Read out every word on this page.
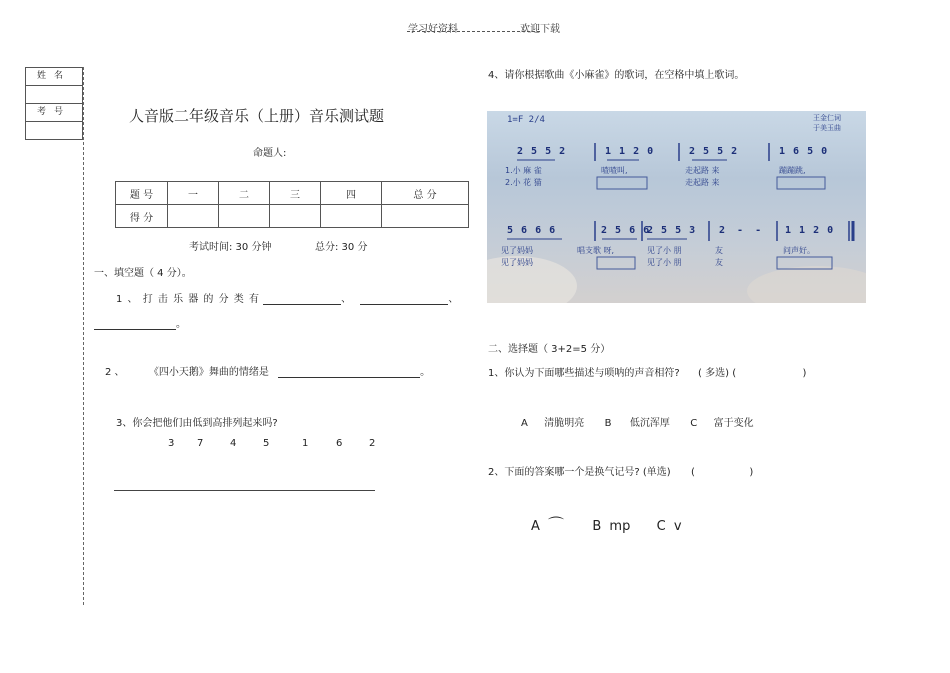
学习好资料	欢迎下载
姓名
考号	人音版二年级音乐（上册）音乐测试题
命题人:
题 号	一	二	三	四	总 分
得 分					
考试时间: 30 分钟	总分: 30 分
一、填空题（ 4 分）。
1 、 打 击 乐 器 的 分 类 有	、	、
。
2 、 《四小天鹅》舞曲的情绪是	。
3、你会把他们由低到高排列起来吗?
3 7	4	5	1	6	2
4、请你根据歌曲《小麻雀》的歌词，在空格中填上歌词。
1=F 2/4	王金仁词
于美玉曲
2 5 5 2	1 1 2 0	2 5 5 2	1 6 5 0
1.小 麻 雀	喳喳叫,	走起路 来	蹦蹦跳,
2.小 花 猫	走起路 来
5 6 6 6	2 5 6 6
2 5 5 3 2 - - 1 1 2 0
见了妈妈	唱支歌 呀,	见了小 朋	友	问声好。
见了妈妈	见了小 朋	友
二、选择题（ 3+2=5 分）
1、你认为下面哪些描述与唢呐的声音相符? ( 多选) (	)
A 清脆明亮 B 低沉浑厚 C 富于变化
2、下面的答案哪一个是换气记号? (单选) (	)
A ⌒ B mp C v
